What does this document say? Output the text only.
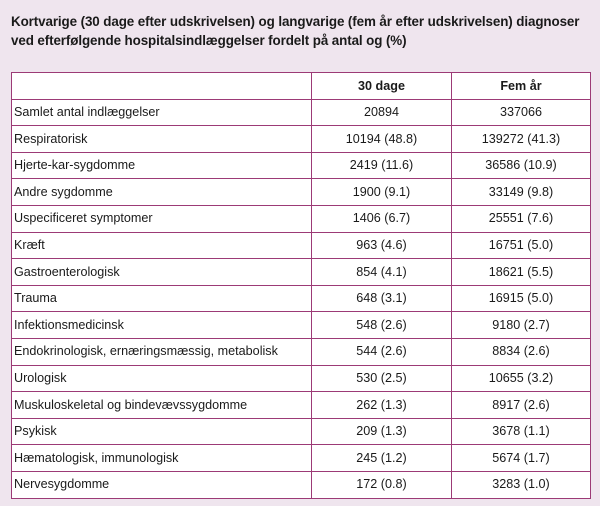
Kortvarige (30 dage efter udskrivelsen) og langvarige (fem år efter udskrivelsen) diagnoser ved efterfølgende hospitalsindlæggelser fordelt på antal og (%)
	30 dage	Fem år
Samlet antal indlæggelser	20894	337066
Respiratorisk	10194 (48.8)	139272 (41.3)
Hjerte-kar-sygdomme	2419 (11.6)	36586 (10.9)
Andre sygdomme	1900 (9.1)	33149 (9.8)
Uspecificeret symptomer	1406 (6.7)	25551 (7.6)
Kræft	963 (4.6)	16751 (5.0)
Gastroenterologisk	854 (4.1)	18621 (5.5)
Trauma	648 (3.1)	16915 (5.0)
Infektionsmedicinsk	548 (2.6)	9180 (2.7)
Endokrinologisk, ernæringsmæssig, metabolisk	544 (2.6)	8834 (2.6)
Urologisk	530 (2.5)	10655 (3.2)
Muskuloskeletal og bindevævssygdomme	262 (1.3)	8917 (2.6)
Psykisk	209 (1.3)	3678 (1.1)
Hæmatologisk, immunologisk	245 (1.2)	5674 (1.7)
Nervesygdomme	172 (0.8)	3283 (1.0)
